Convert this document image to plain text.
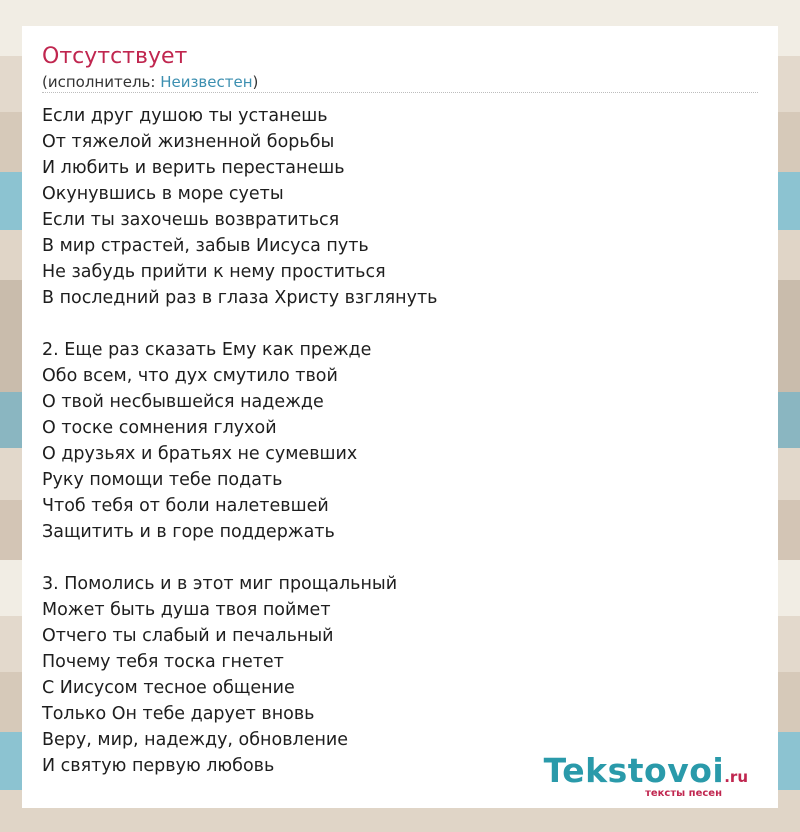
Отсутствует
(исполнитель: Неизвестен)
Если друг душою ты устанешь
От тяжелой жизненной борьбы
И любить и верить перестанешь
Окунувшись в море суеты
Если ты захочешь возвратиться
В мир страстей, забыв Иисуса путь
Не забудь прийти к нему проститься
В последний раз в глаза Христу взглянуть
2. Еще раз сказать Ему как прежде
Обо всем, что дух смутило твой
О твой несбывшейся надежде
О тоске сомнения глухой
О друзьях и братьях не сумевших
Руку помощи тебе подать
Чтоб тебя от боли налетевшей
Защитить и в горе поддержать
3. Помолись и в этот миг прощальный
Может быть душа твоя поймет
Отчего ты слабый и печальный
Почему тебя тоска гнетет
С Иисусом тесное общение
Только Он тебе дарует вновь
Веру, мир, надежду, обновление
И святую первую любовь	Tekstovoi.ru
тексты песен
